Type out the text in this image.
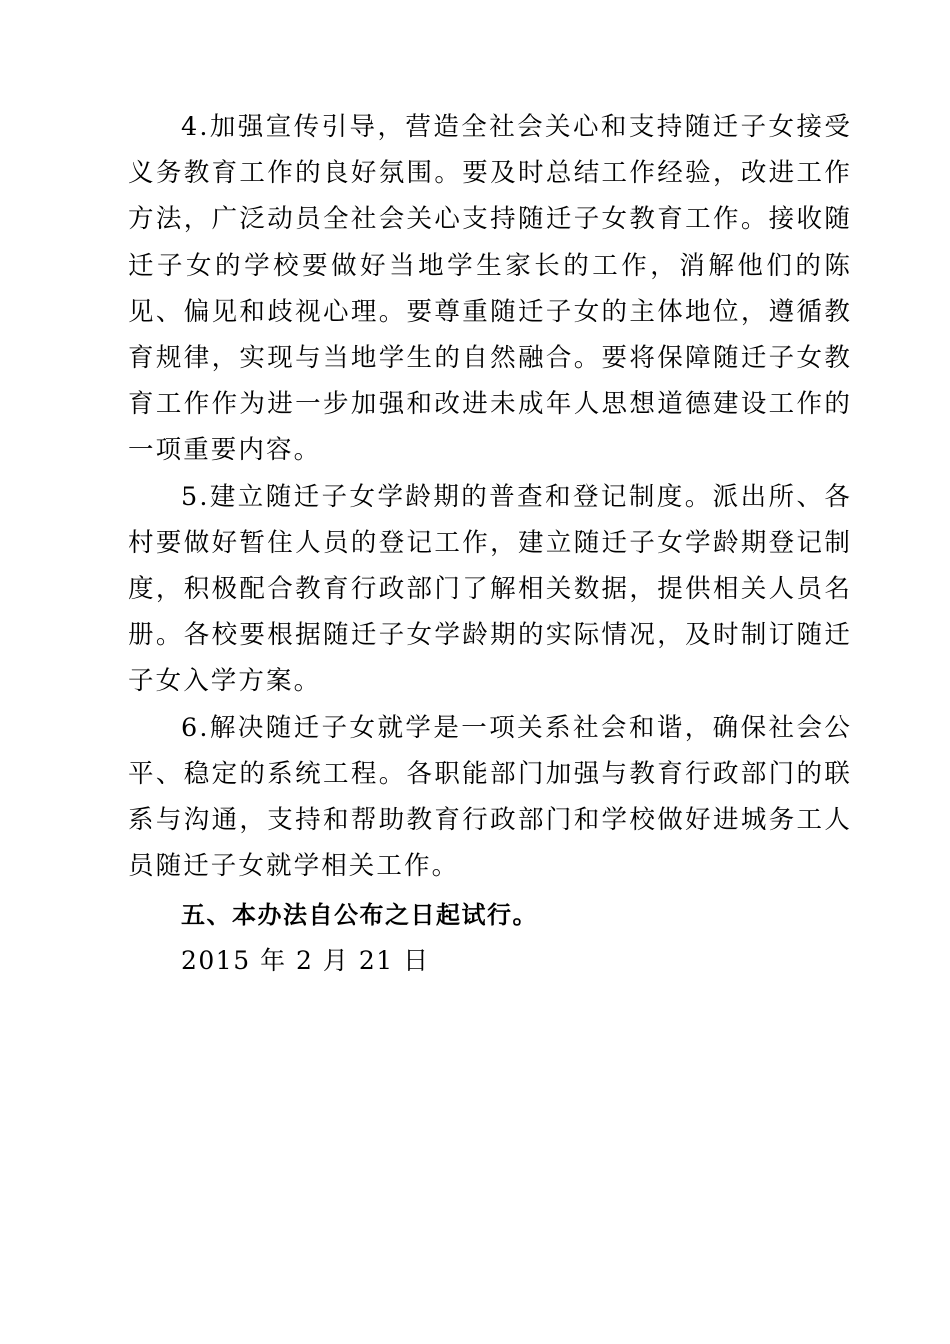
4.加强宣传引导，营造全社会关心和支持随迁子女接受义务教育工作的良好氛围。要及时总结工作经验，改进工作方法，广泛动员全社会关心支持随迁子女教育工作。接收随迁子女的学校要做好当地学生家长的工作，消解他们的陈见、偏见和歧视心理。要尊重随迁子女的主体地位，遵循教育规律，实现与当地学生的自然融合。要将保障随迁子女教育工作作为进一步加强和改进未成年人思想道德建设工作的一项重要内容。

5.建立随迁子女学龄期的普查和登记制度。派出所、各村要做好暂住人员的登记工作，建立随迁子女学龄期登记制度，积极配合教育行政部门了解相关数据，提供相关人员名册。各校要根据随迁子女学龄期的实际情况，及时制订随迁子女入学方案。

6.解决随迁子女就学是一项关系社会和谐，确保社会公平、稳定的系统工程。各职能部门加强与教育行政部门的联系与沟通，支持和帮助教育行政部门和学校做好进城务工人员随迁子女就学相关工作。

五、本办法自公布之日起试行。

2015 年 2 月 21 日
